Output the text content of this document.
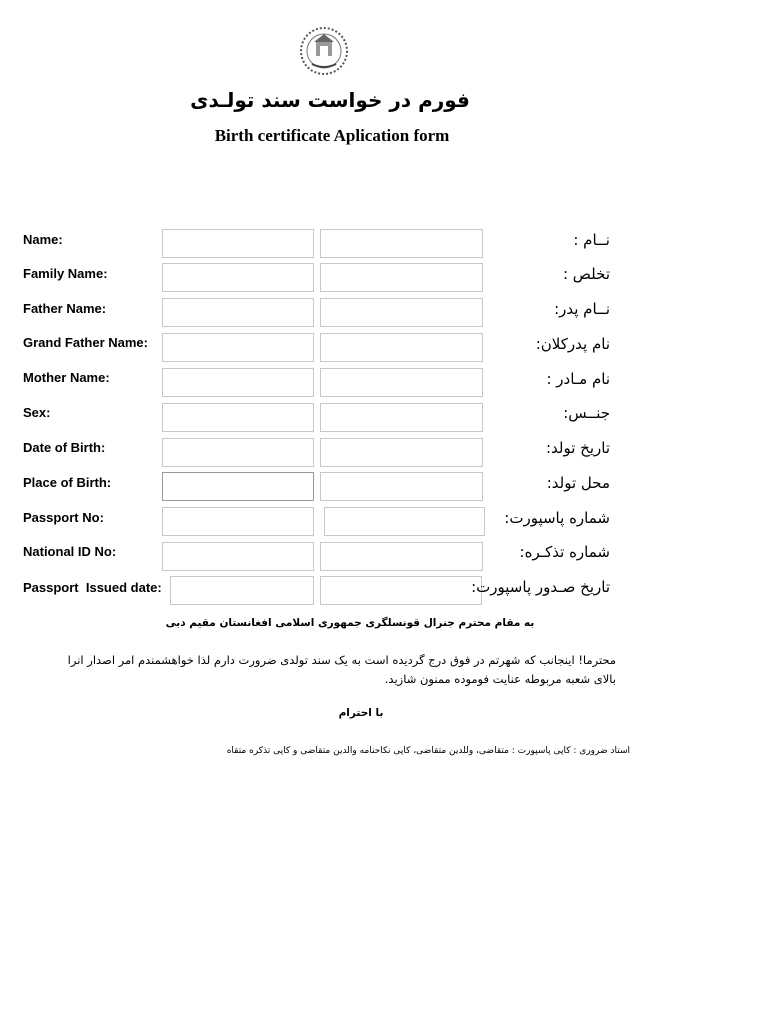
فورم در خواست سند تولـدی
Birth certificate Aplication form
Name:	نــام :
Family Name:	تخلص :
Father Name:	نــام پدر:
Grand Father Name:	نام پدرکلان:
Mother Name:	نام مـادر :
Sex:	جنــس:
Date of Birth:	تاریخ تولد:
Place of Birth:	محل تولد:
Passport No:	شماره پاسپورت:
National ID No:	شماره تذکـره:
Passport  Issued date:	تاریخ صـدور پاسپورت:
به مقام محترم جنرال قونسلگری جمهوری اسلامی افغانستان مقیم دبی
محترما! اینجانب که شهرتم در فوق درج گردیده است به یک سند تولدی ضرورت دارم لذا خواهشمندم امر اصدار انرا بالای شعبه مربوطه عنایت فوموده ممنون شازید.
با احترام
استاد ضروری : کاپی پاسپورت : متقاضی، وللدین متقاضی، کاپی نکاحنامه والدین متقاضی و کاپی تذکره متقاه
